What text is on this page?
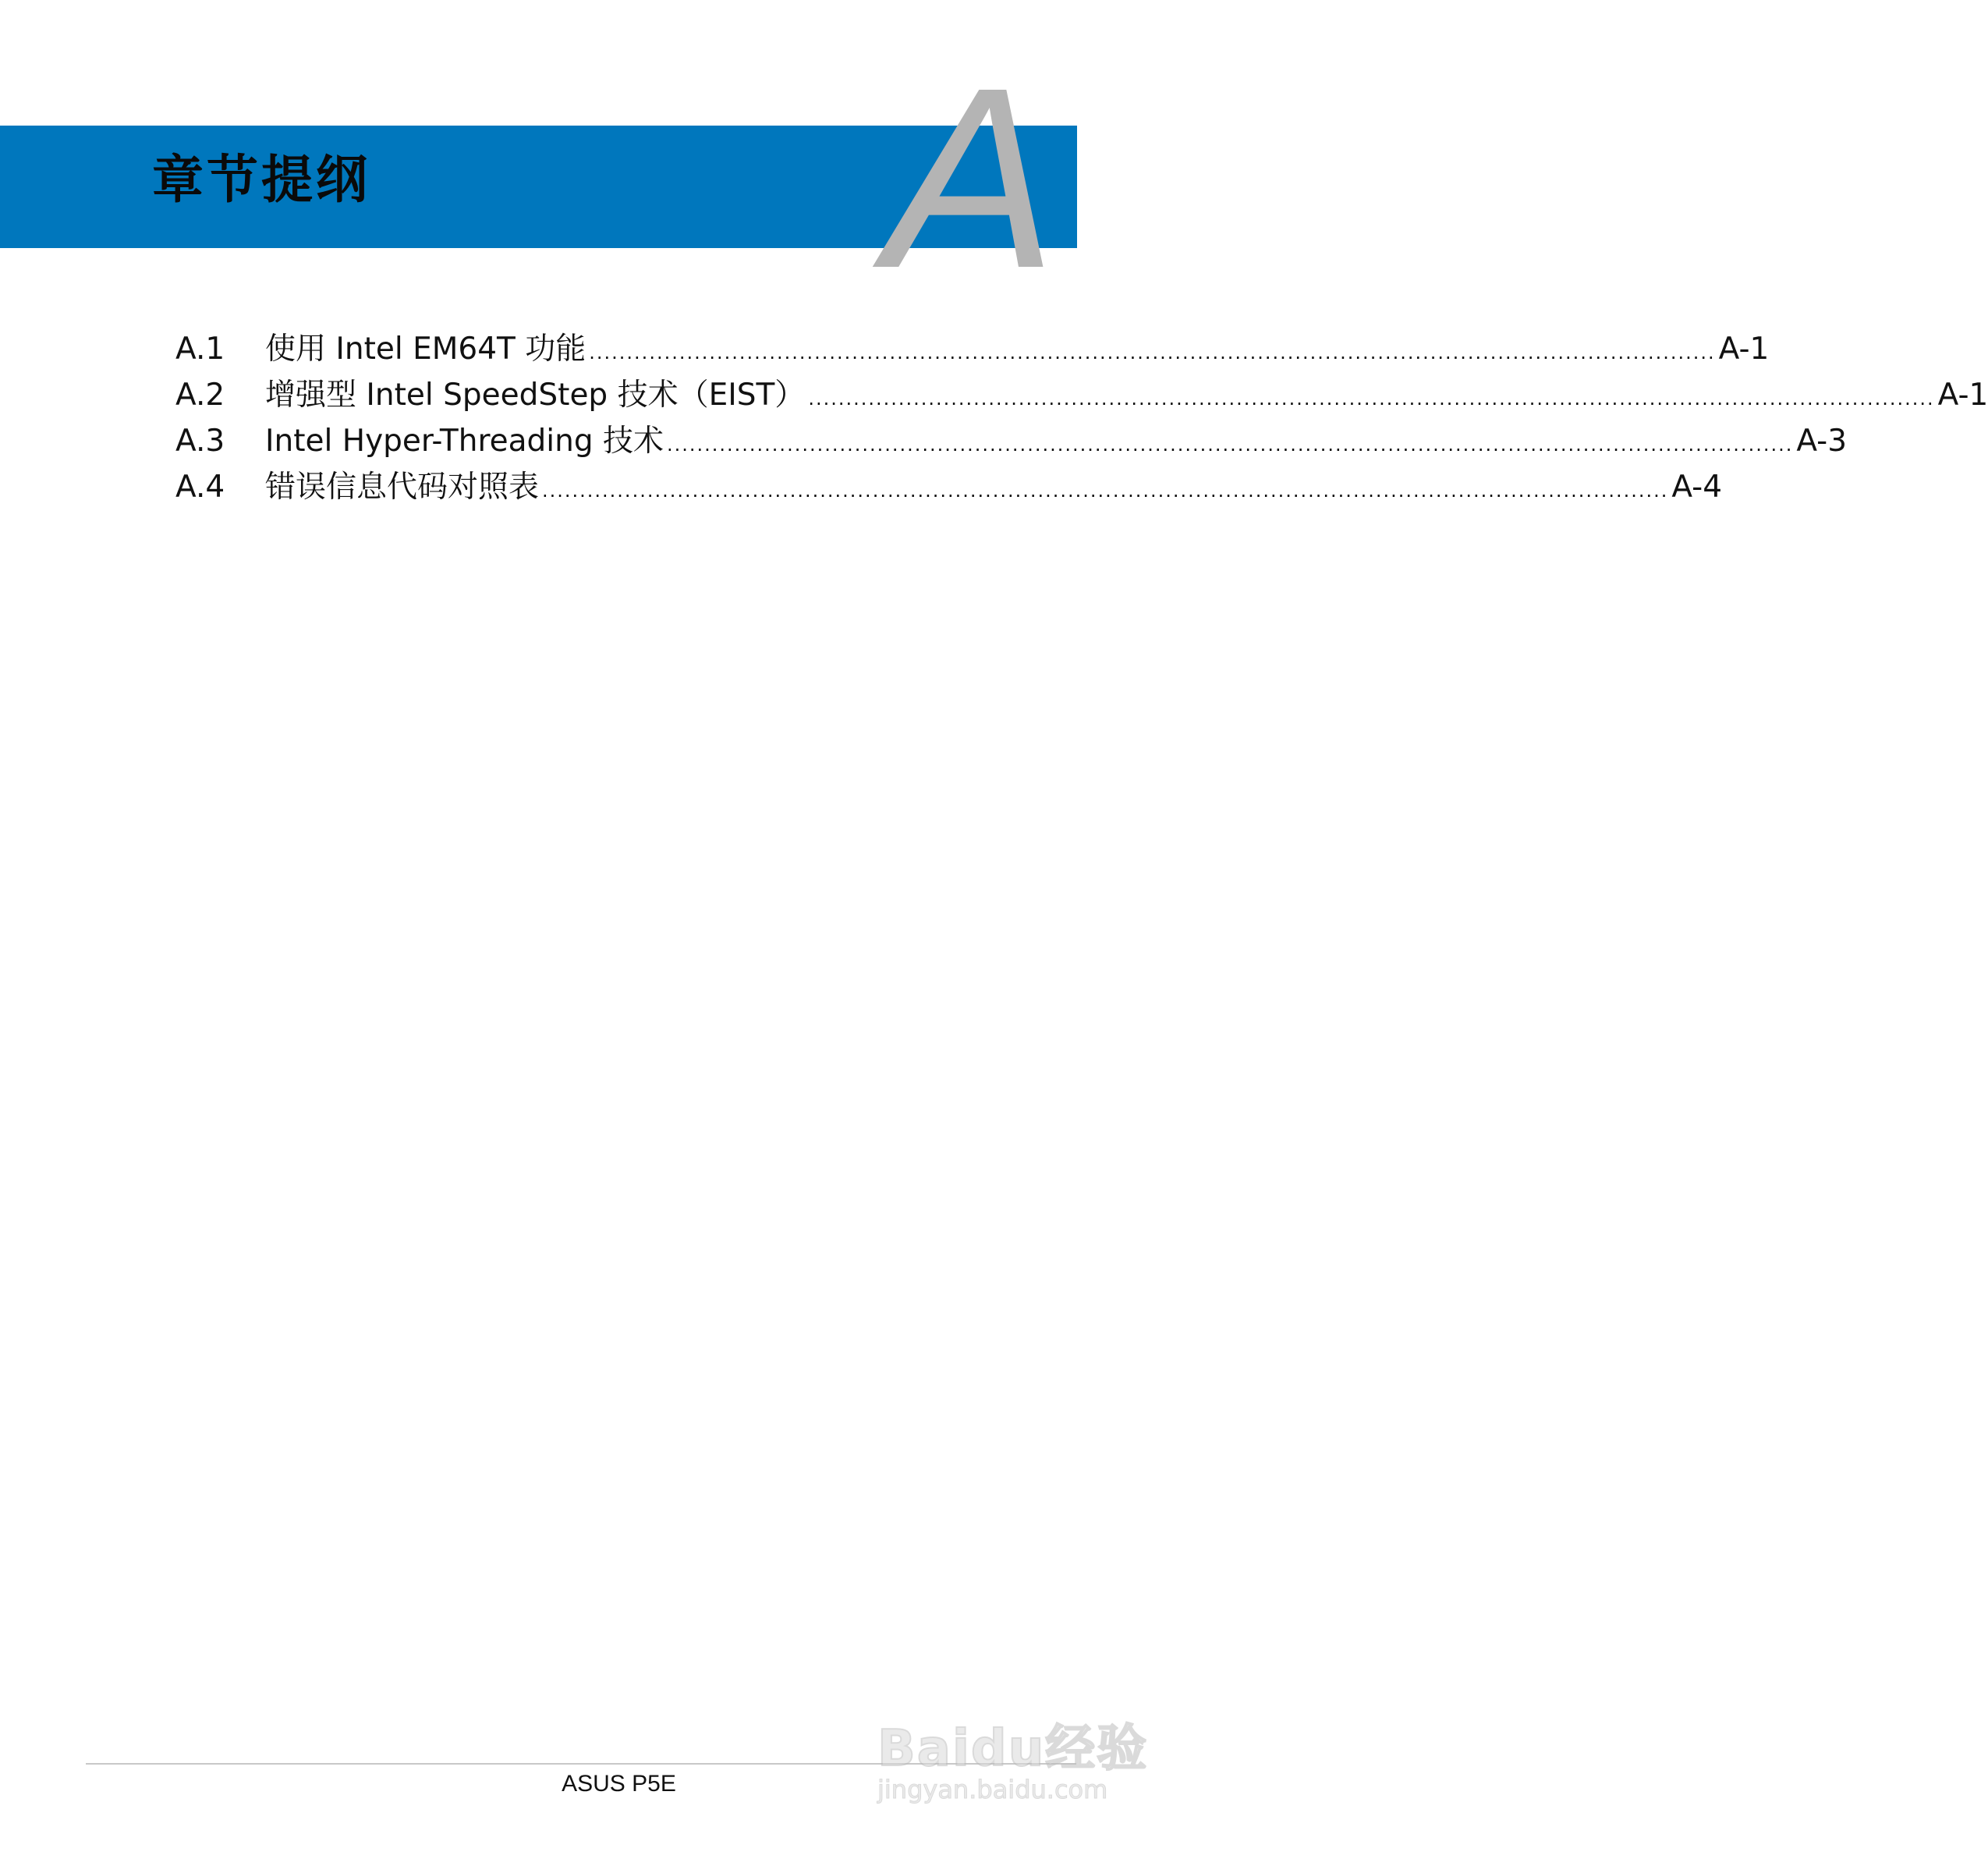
章节提纲 A
A.1	使用 Intel EM64T 功能 ...................................................................................................................................................... A-1
A.2	增强型 Intel SpeedStep 技术（EIST） ...................................................................................................................................................... A-1
A.3	Intel Hyper-Threading 技术 ...................................................................................................................................................... A-3
A.4	错误信息代码对照表 ...................................................................................................................................................... A-4
ASUS P5E
Baidu经验
jingyan.baidu.com
